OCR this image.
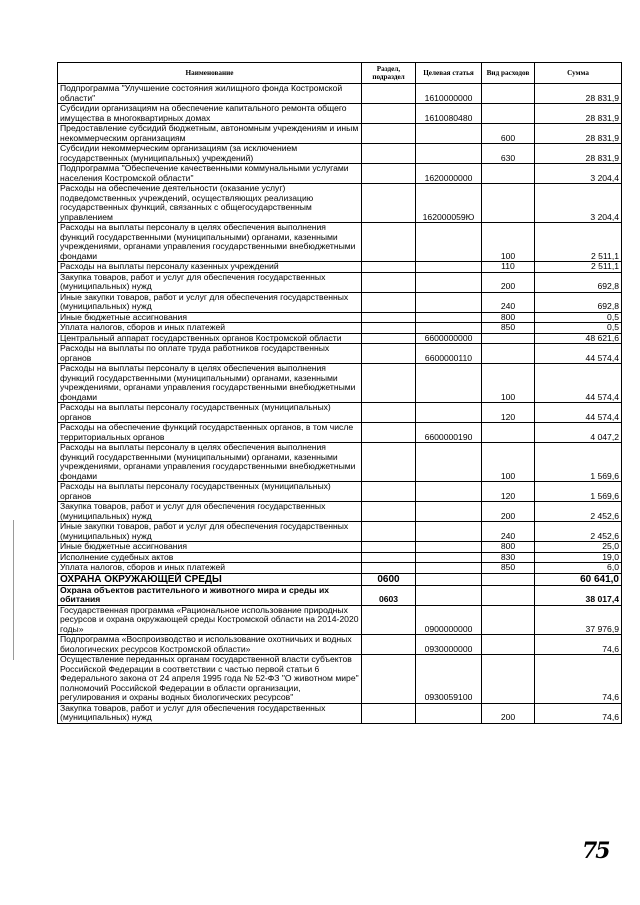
Наименование	Раздел, подраздел	Целевая статья	Вид расходов	Сумма
Подпрограмма "Улучшение состояния жилищного фонда Костромской области"		1610000000		28 831,9
Субсидии организациям на обеспечение капитального ремонта общего имущества в многоквартирных домах		1610080480		28 831,9
Предоставление субсидий бюджетным, автономным учреждениям и иным некоммерческим организациям			600	28 831,9
Субсидии некоммерческим организациям (за исключением государственных (муниципальных) учреждений)			630	28 831,9
Подпрограмма "Обеспечение качественными коммунальными услугами населения Костромской области"		1620000000		3 204,4
Расходы на обеспечение деятельности (оказание услуг) подведомственных учреждений, осуществляющих реализацию государственных функций, связанных с общегосударственным управлением		162000059Ю		3 204,4
Расходы на выплаты персоналу в целях обеспечения выполнения функций государственными (муниципальными) органами, казенными учреждениями, органами управления государственными внебюджетными фондами			100	2 511,1
Расходы на выплаты персоналу казенных учреждений			110	2 511,1
Закупка товаров, работ и услуг для обеспечения государственных (муниципальных) нужд			200	692,8
Иные закупки товаров, работ и услуг для обеспечения государственных (муниципальных) нужд			240	692,8
Иные бюджетные ассигнования			800	0,5
Уплата налогов, сборов и иных платежей			850	0,5
Центральный аппарат государственных органов Костромской области		6600000000		48 621,6
Расходы на выплаты по оплате труда работников государственных органов		6600000110		44 574,4
Расходы на выплаты персоналу в целях обеспечения выполнения функций государственными (муниципальными) органами, казенными учреждениями, органами управления государственными внебюджетными фондами			100	44 574,4
Расходы на выплаты персоналу государственных (муниципальных) органов			120	44 574,4
Расходы на обеспечение функций государственных органов, в том числе территориальных органов		6600000190		4 047,2
Расходы на выплаты персоналу в целях обеспечения выполнения функций государственными (муниципальными) органами, казенными учреждениями, органами управления государственными внебюджетными фондами			100	1 569,6
Расходы на выплаты персоналу государственных (муниципальных) органов			120	1 569,6
Закупка товаров, работ и услуг для обеспечения государственных (муниципальных) нужд			200	2 452,6
Иные закупки товаров, работ и услуг для обеспечения государственных (муниципальных) нужд			240	2 452,6
Иные бюджетные ассигнования			800	25,0
Исполнение судебных актов			830	19,0
Уплата налогов, сборов и иных платежей			850	6,0
ОХРАНА ОКРУЖАЮЩЕЙ СРЕДЫ	0600			60 641,0
Охрана объектов растительного и животного мира и среды их обитания	0603			38 017,4
Государственная программа «Рациональное использование природных ресурсов и охрана окружающей среды Костромской области на 2014-2020 годы»		0900000000		37 976,9
Подпрограмма «Воспроизводство и использование охотничьих и водных биологических ресурсов Костромской области»		0930000000		74,6
Осуществление переданных органам государственной власти субъектов Российской Федерации в соответствии с частью первой статьи 6 Федерального закона от 24 апреля 1995 года № 52-ФЗ "О животном мире" полномочий Российской Федерации в области организации, регулирования и охраны водных биологических ресурсов"		0930059100		74,6
Закупка товаров, работ и услуг для обеспечения государственных (муниципальных) нужд			200	74,6
75
